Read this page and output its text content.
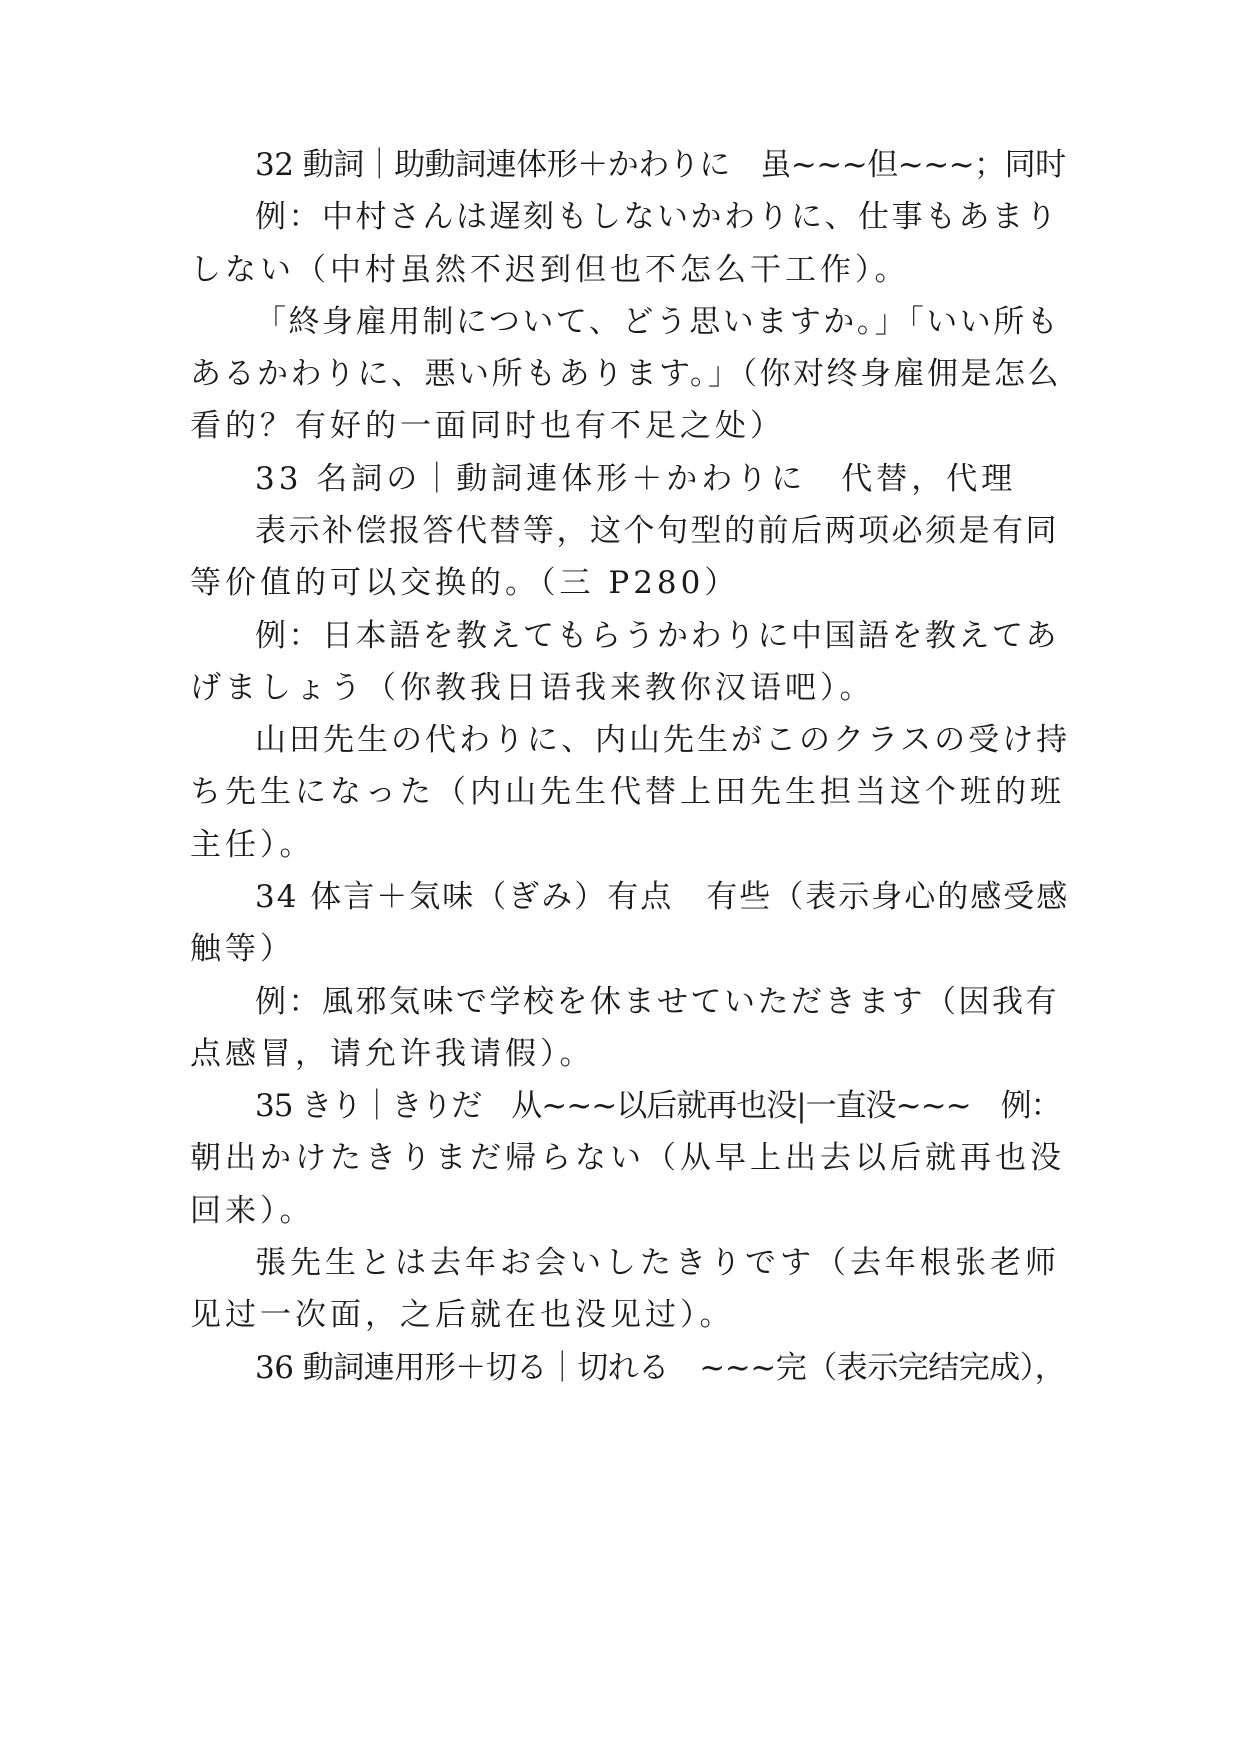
32 動詞｜助動詞連体形＋かわりに　虽~~~但~~~；同时
例：中村さんは遅刻もしないかわりに、仕事もあまり
しない（中村虽然不迟到但也不怎么干工作）。
「終身雇用制について、どう思いますか。」「いい所も
あるかわりに、悪い所もあります。」（你对终身雇佣是怎么
看的？有好的一面同时也有不足之处）
33 名詞の｜動詞連体形＋かわりに　代替，代理
表示补偿报答代替等，这个句型的前后两项必须是有同
等价值的可以交换的。（三 P280）
例：日本語を教えてもらうかわりに中国語を教えてあ
げましょう（你教我日语我来教你汉语吧）。
山田先生の代わりに、内山先生がこのクラスの受け持
ち先生になった（内山先生代替上田先生担当这个班的班
主任）。
34 体言＋気味（ぎみ）有点　有些（表示身心的感受感
触等）
例：風邪気味で学校を休ませていただきます（因我有
点感冒，请允许我请假）。
35 きり｜きりだ　从~~~以后就再也没|一直没~~~　例：
朝出かけたきりまだ帰らない（从早上出去以后就再也没
回来）。
張先生とは去年お会いしたきりです（去年根张老师
见过一次面，之后就在也没见过）。
36 動詞連用形＋切る｜切れる　~~~完（表示完结完成），
